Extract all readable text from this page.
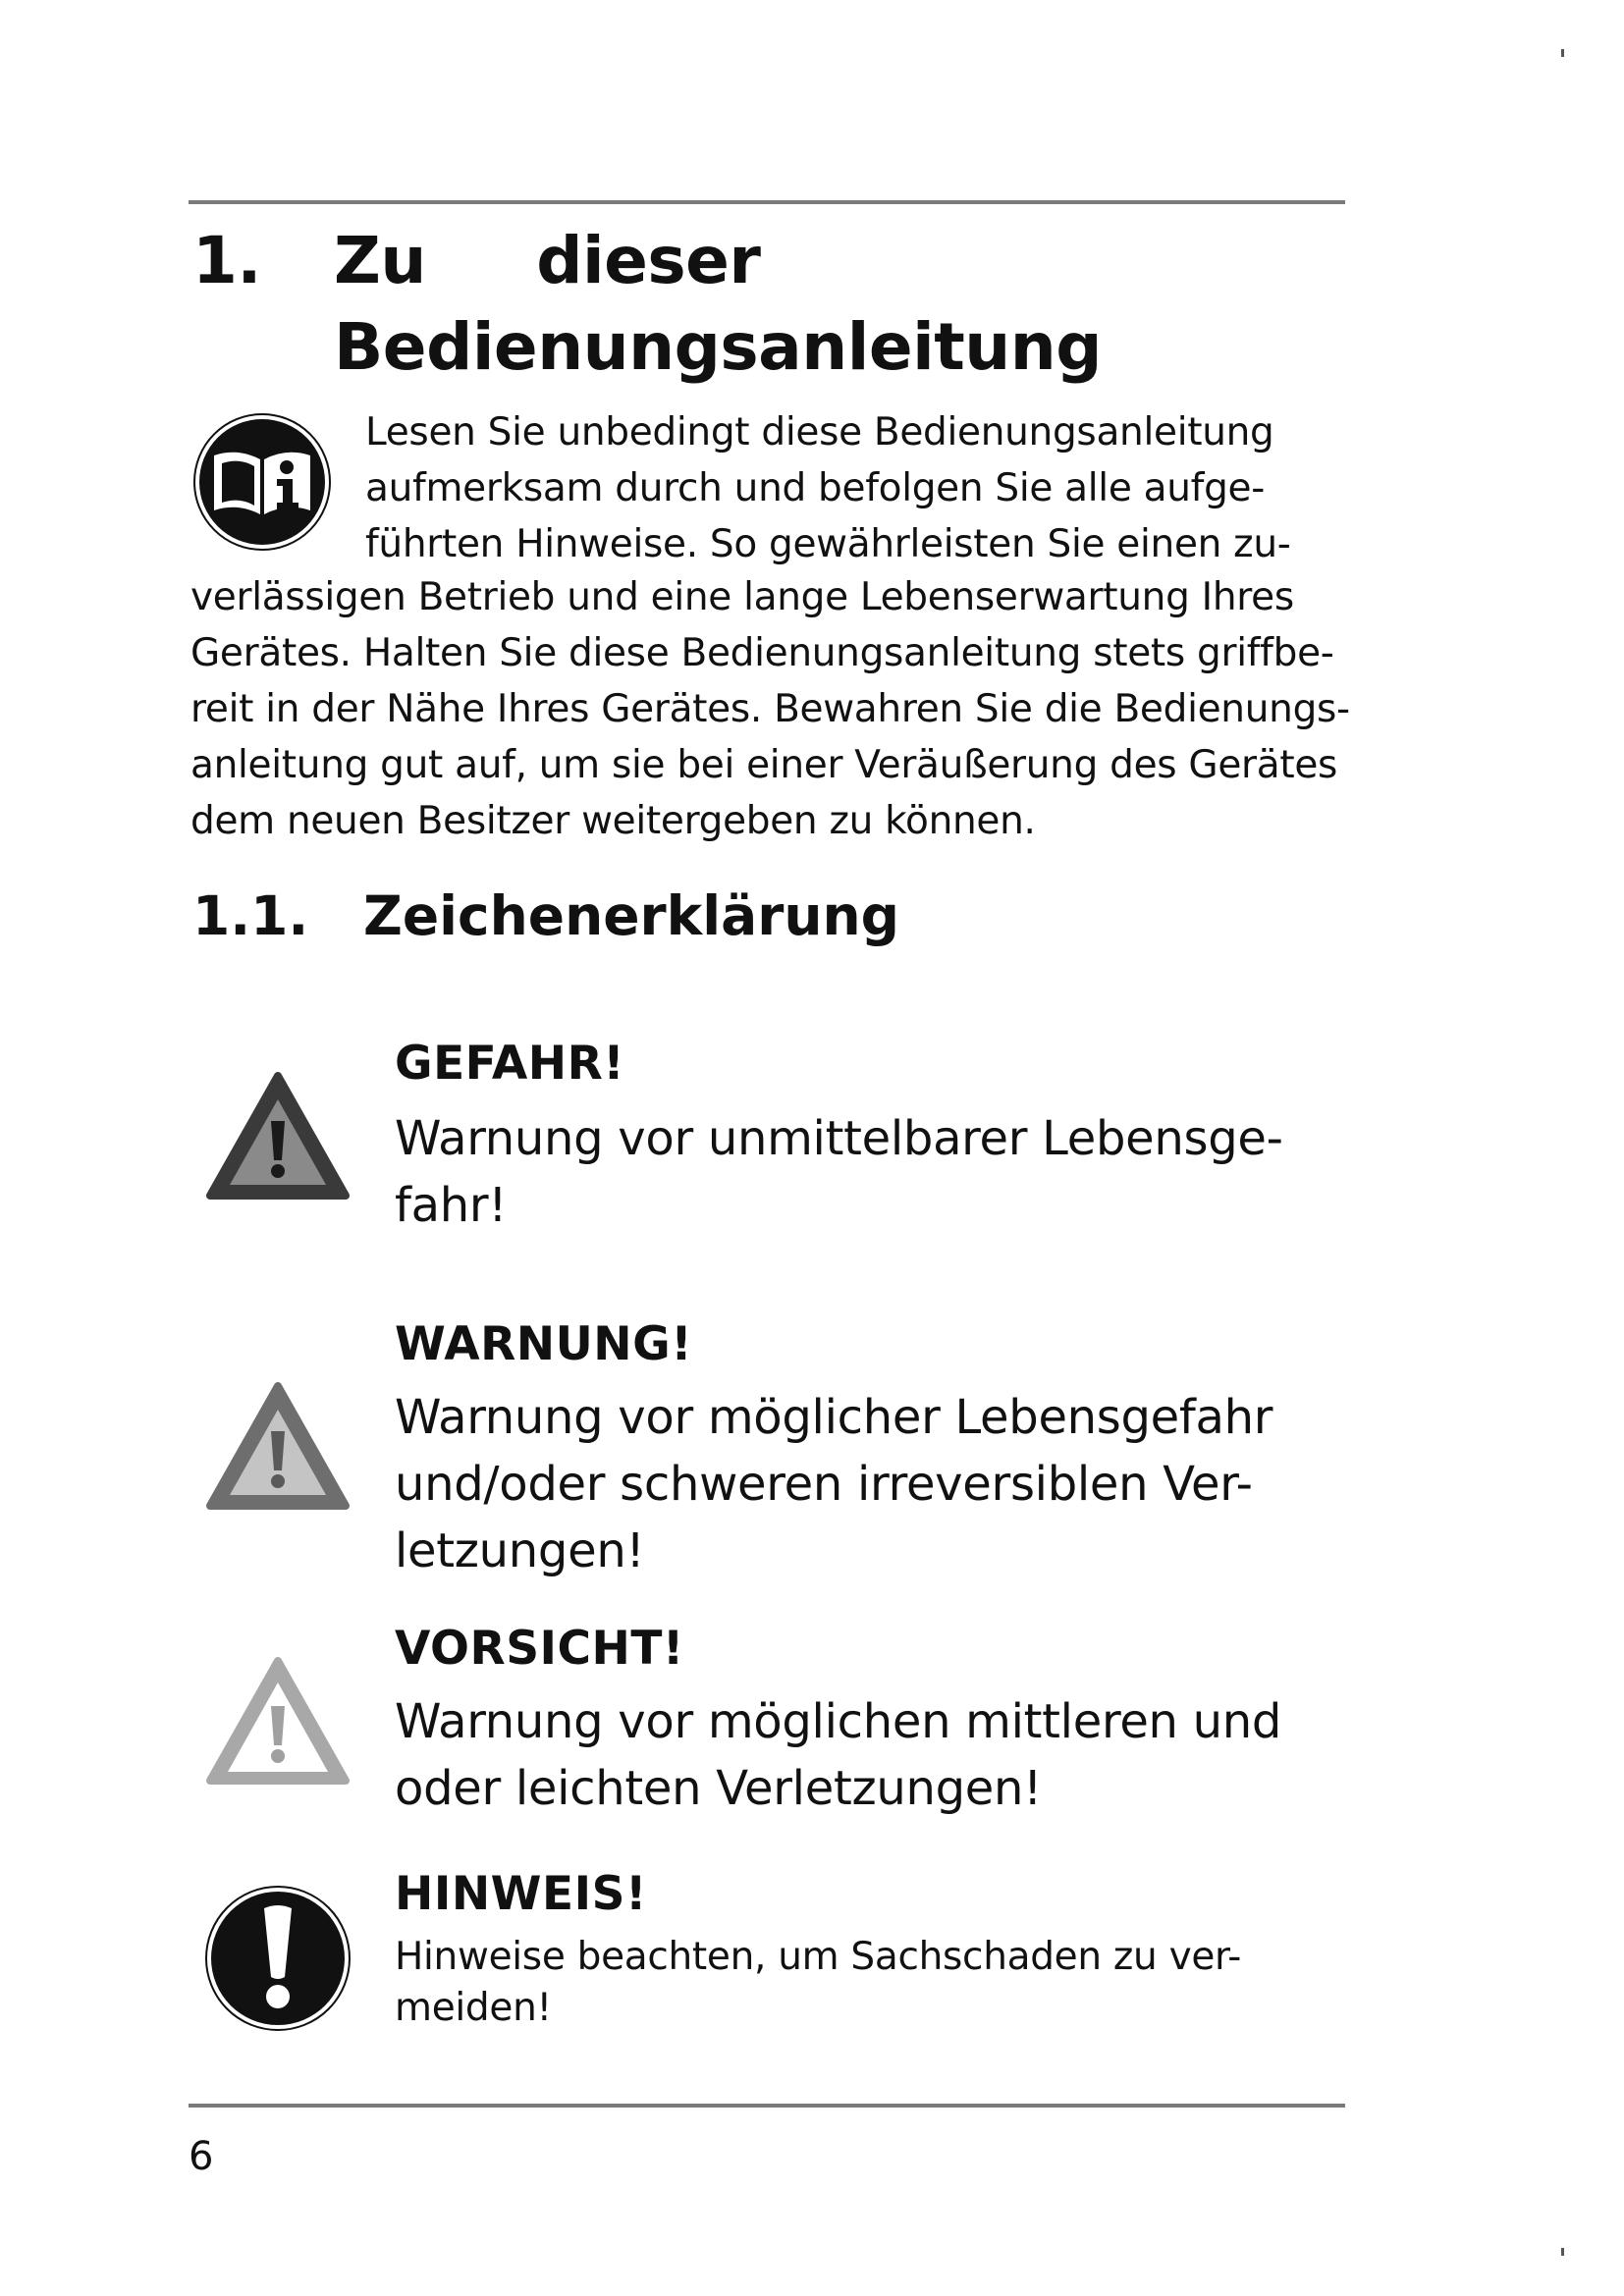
1. Zu     dieser
Bedienungsanleitung
Lesen Sie unbedingt diese Bedienungsanleitung
aufmerksam durch und befolgen Sie alle aufge-
führten Hinweise. So gewährleisten Sie einen zu-
verlässigen Betrieb und eine lange Lebenserwartung Ihres
Gerätes. Halten Sie diese Bedienungsanleitung stets griffbe-
reit in der Nähe Ihres Gerätes. Bewahren Sie die Bedienungs-
anleitung gut auf, um sie bei einer Veräußerung des Gerätes
dem neuen Besitzer weitergeben zu können.
1.1. Zeichenerklärung
GEFAHR!
Warnung vor unmittelbarer Lebensge-
fahr!
WARNUNG!
Warnung vor möglicher Lebensgefahr
und/oder schweren irreversiblen Ver-
letzungen!
VORSICHT!
Warnung vor möglichen mittleren und
oder leichten Verletzungen!
HINWEIS!
Hinweise beachten, um Sachschaden zu ver-
meiden!
6
